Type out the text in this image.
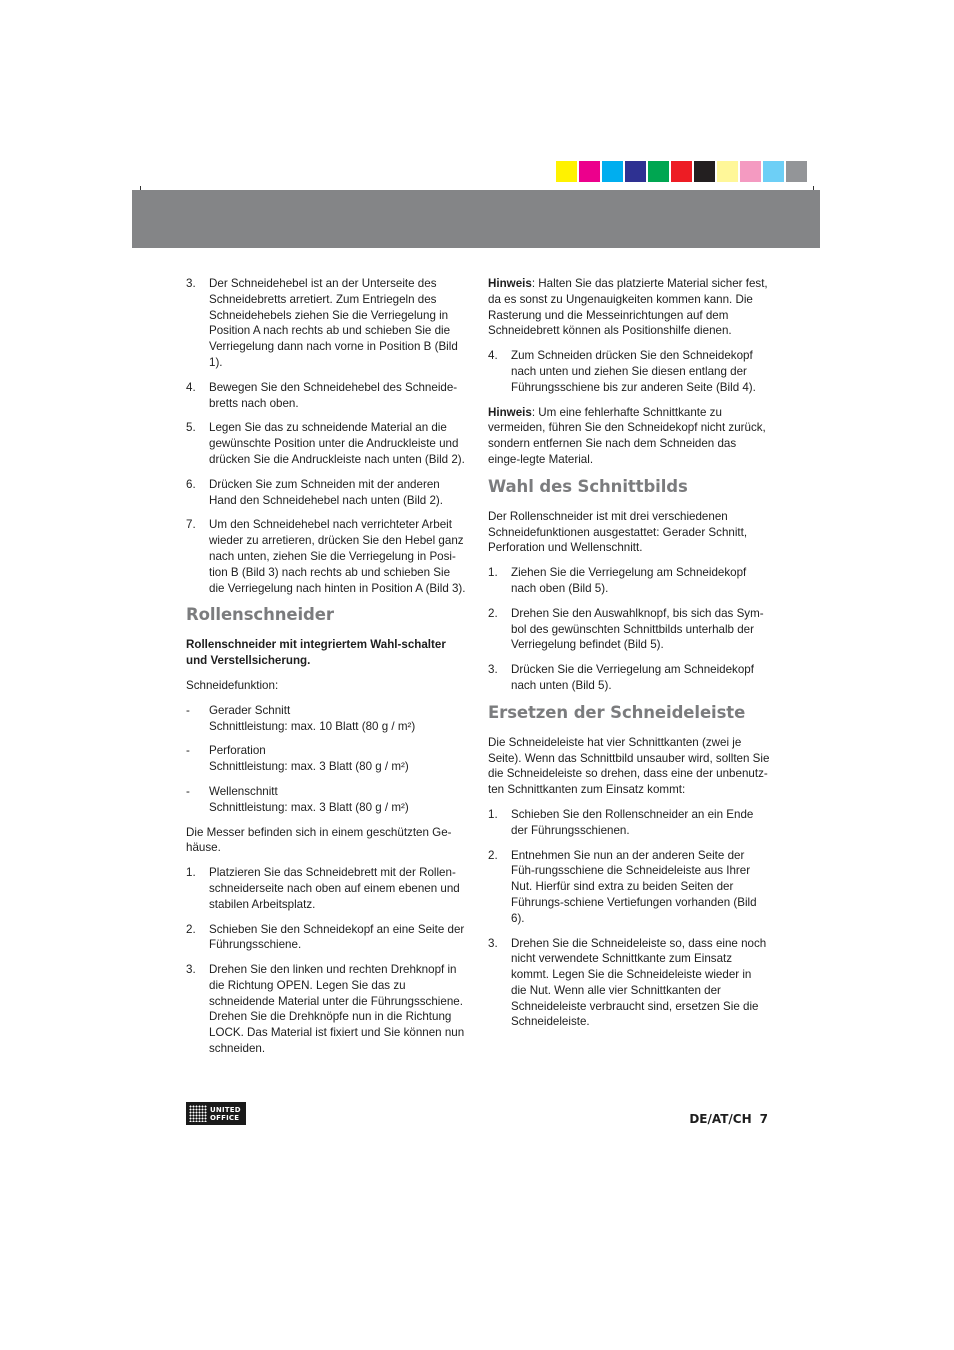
3.	Der Schneidehebel ist an der Unterseite des Schneidebretts arretiert. Zum Entriegeln des Schneidehebels ziehen Sie die Verriegelung in Position A nach rechts ab und schieben Sie die Verriegelung dann nach vorne in Position B (Bild 1).
4.	Bewegen Sie den Schneidehebel des Schneide-bretts nach oben.
5.	Legen Sie das zu schneidende Material an die gewünschte Position unter die Andruckleiste und drücken Sie die Andruckleiste nach unten (Bild 2).
6.	Drücken Sie zum Schneiden mit der anderen Hand den Schneidehebel nach unten (Bild 2).
7.	Um den Schneidehebel nach verrichteter Arbeit wieder zu arretieren, drücken Sie den Hebel ganz nach unten, ziehen Sie die Verriegelung in Posi-tion B (Bild 3) nach rechts ab und schieben Sie die Verriegelung nach hinten in Position A (Bild 3).
Rollenschneider
Rollenschneider mit integriertem Wahl-schalter und Verstellsicherung.

Schneidefunktion:

-	Gerader Schnitt
Schnittleistung: max. 10 Blatt (80 g / m²)
-	Perforation
Schnittleistung: max. 3 Blatt (80 g / m²)
-	Wellenschnitt
Schnittleistung: max. 3 Blatt (80 g / m²)

Die Messer befinden sich in einem geschützten Ge-häuse.

1.	Platzieren Sie das Schneidebrett mit der Rollen-schneiderseite nach oben auf einem ebenen und stabilen Arbeitsplatz.
2.	Schieben Sie den Schneidekopf an eine Seite der Führungsschiene.
3.	Drehen Sie den linken und rechten Drehknopf in die Richtung OPEN. Legen Sie das zu schneidende Material unter die Führungsschiene. Drehen Sie die Drehknöpfe nun in die Richtung LOCK. Das Material ist fixiert und Sie können nun schneiden.

Hinweis: Halten Sie das platzierte Material sicher fest, da es sonst zu Ungenauigkeiten kommen kann. Die Rasterung und die Messeinrichtungen auf dem Schneidebrett können als Positionshilfe dienen.

4.	Zum Schneiden drücken Sie den Schneidekopf nach unten und ziehen Sie diesen entlang der Führungsschiene bis zur anderen Seite (Bild 4).

Hinweis: Um eine fehlerhafte Schnittkante zu vermeiden, führen Sie den Schneidekopf nicht zurück, sondern entfernen Sie nach dem Schneiden das einge-legte Material.

Wahl des Schnittbilds

Der Rollenschneider ist mit drei verschiedenen Schneidefunktionen ausgestattet: Gerader Schnitt, Perforation und Wellenschnitt.

1.	Ziehen Sie die Verriegelung am Schneidekopf nach oben (Bild 5).
2.	Drehen Sie den Auswahlknopf, bis sich das Sym-bol des gewünschten Schnittbilds unterhalb der Verriegelung befindet (Bild 5).
3.	Drücken Sie die Verriegelung am Schneidekopf nach unten (Bild 5).
Ersetzen der Schneideleiste

Die Schneideleiste hat vier Schnittkanten (zwei je Seite). Wenn das Schnittbild unsauber wird, sollten Sie die Schneideleiste so drehen, dass eine der unbenutz-ten Schnittkanten zum Einsatz kommt:

1.	Schieben Sie den Rollenschneider an ein Ende der Führungsschienen.
2.	Entnehmen Sie nun an der anderen Seite der Füh-rungsschiene die Schneideleiste aus Ihrer Nut. Hierfür sind extra zu beiden Seiten der Führungs-schiene Vertiefungen vorhanden (Bild 6).
3.	Drehen Sie die Schneideleiste so, dass eine noch nicht verwendete Schnittkante zum Einsatz kommt. Legen Sie die Schneideleiste wieder in die Nut. Wenn alle vier Schnittkanten der Schneideleiste verbraucht sind, ersetzen Sie die Schneideleiste.
UNITED
OFFICE	DE/AT/CH 7
